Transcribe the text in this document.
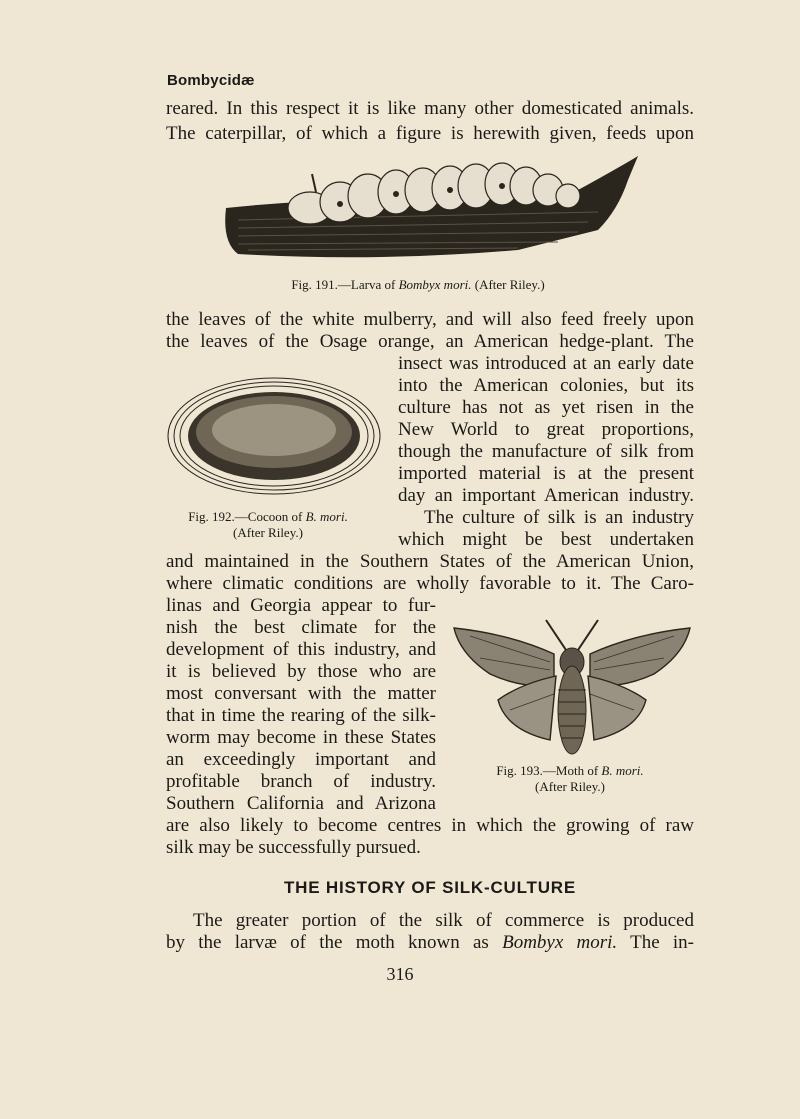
Bombycidæ
reared. In this respect it is like many other domesticated animals.
The caterpillar, of which a figure is herewith given, feeds upon
Fig. 191.—Larva of Bombyx mori. (After Riley.)
the leaves of the white mulberry, and will also feed freely upon
the leaves of the Osage orange, an American hedge-plant. The
Fig. 192.—Cocoon of B. mori.
(After Riley.)
insect was introduced at an early date
into the American colonies, but its
culture has not as yet risen in the
New World to great proportions,
though the manufacture of silk from
imported material is at the present
day an important American industry.
The culture of silk is an industry
which might be best undertaken
and maintained in the Southern States of the American Union,
where climatic conditions are wholly favorable to it. The Caro-
linas and Georgia appear to fur-
nish the best climate for the
development of this industry, and
it is believed by those who are
most conversant with the matter
that in time the rearing of the silk-
worm may become in these States
an exceedingly important and
profitable branch of industry.
Southern California and Arizona
Fig. 193.—Moth of B. mori.
(After Riley.)
are also likely to become centres in which the growing of raw
silk may be successfully pursued.
THE HISTORY OF SILK-CULTURE
The greater portion of the silk of commerce is produced
by the larvæ of the moth known as Bombyx mori. The in-
316
